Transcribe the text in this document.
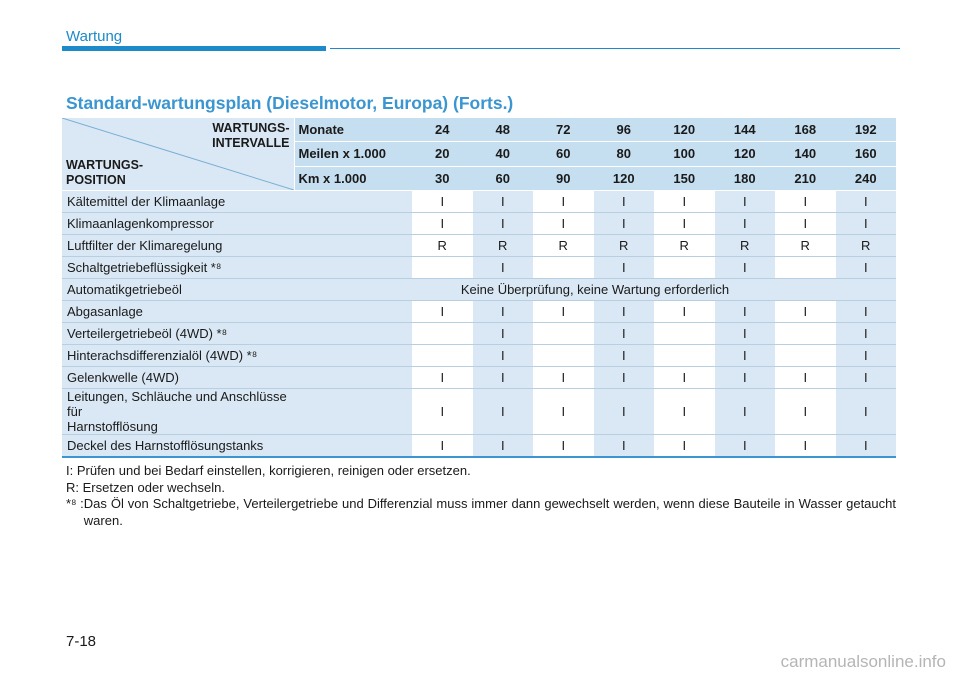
Wartung
Standard-wartungsplan (Dieselmotor, Europa) (Forts.)
WARTUNGS-
INTERVALLE
WARTUNGS-
POSITION	Monate	24	48	72	96	120	144	168	192
	Meilen x 1.000	20	40	60	80	100	120	140	160
	Km x 1.000	30	60	90	120	150	180	210	240
Kältemittel der Klimaanlage		I	I	I	I	I	I	I	I
Klimaanlagenkompressor		I	I	I	I	I	I	I	I
Luftfilter der Klimaregelung		R	R	R	R	R	R	R	R
Schaltgetriebeflüssigkeit *⁸			I		I		I		I
Automatikgetriebeöl	Keine Überprüfung, keine Wartung erforderlich								
Abgasanlage		I	I	I	I	I	I	I	I
Verteilergetriebeöl (4WD) *⁸			I		I		I		I
Hinterachsdifferenzialöl (4WD) *⁸			I		I		I		I
Gelenkwelle (4WD)		I	I	I	I	I	I	I	I
Leitungen, Schläuche und Anschlüsse für
Harnstofflösung		I	I	I	I	I	I	I	I
Deckel des Harnstofflösungstanks		I	I	I	I	I	I	I	I
I: Prüfen und bei Bedarf einstellen, korrigieren, reinigen oder ersetzen.
R: Ersetzen oder wechseln.
*⁸ : Das Öl von Schaltgetriebe, Verteilergetriebe und Differenzial muss immer dann gewechselt werden, wenn diese Bauteile in Wasser getaucht waren.
7-18
carmanualsonline.info
